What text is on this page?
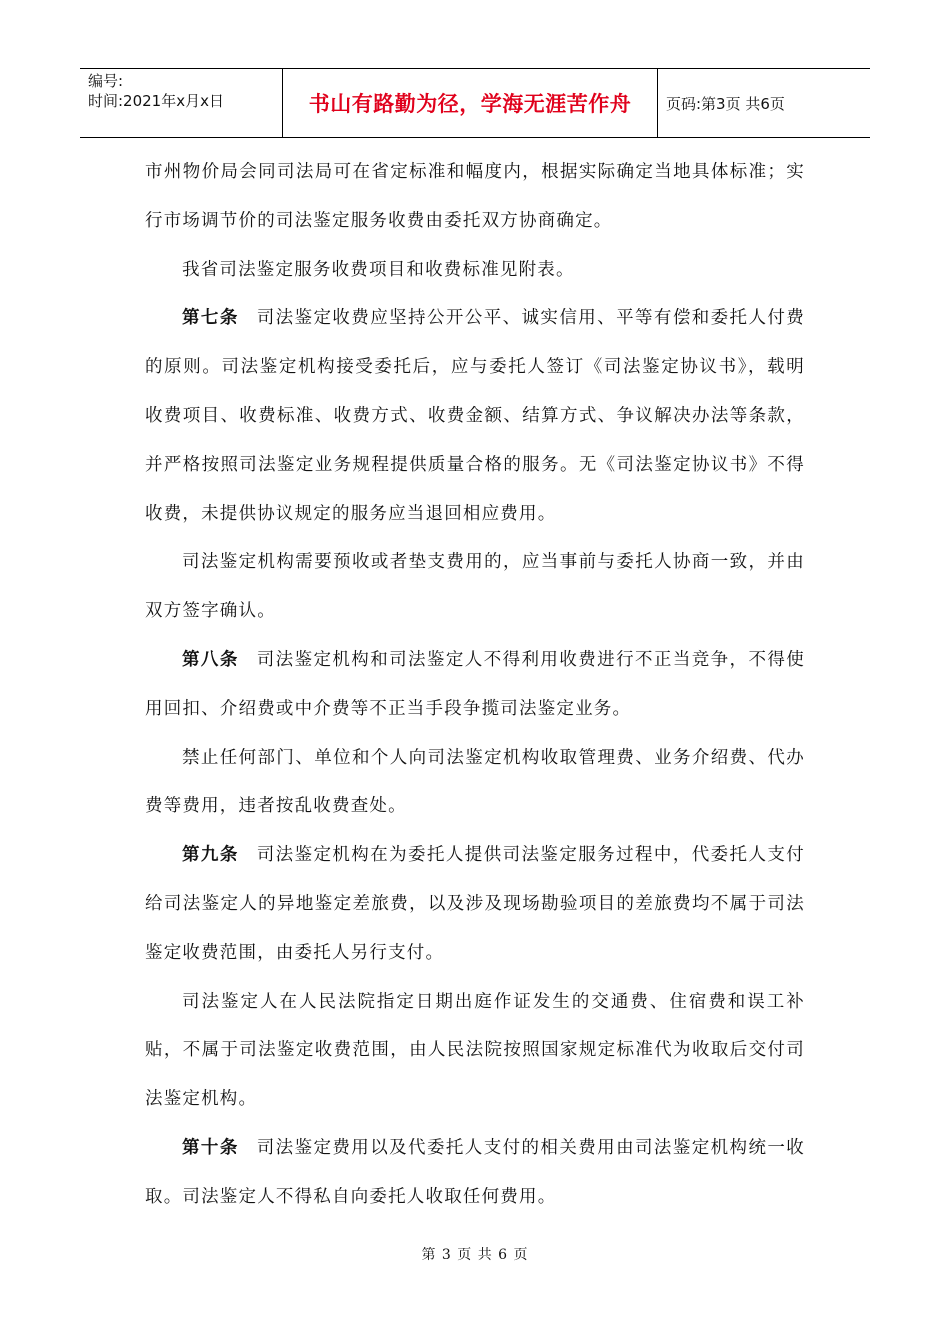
编号:
时间:2021年x月x日	书山有路勤为径，学海无涯苦作舟	页码:第3页 共6页

市州物价局会同司法局可在省定标准和幅度内，根据实际确定当地具体标准；实行市场调节价的司法鉴定服务收费由委托双方协商确定。

我省司法鉴定服务收费项目和收费标准见附表。

第七条 司法鉴定收费应坚持公开公平、诚实信用、平等有偿和委托人付费的原则。司法鉴定机构接受委托后，应与委托人签订《司法鉴定协议书》，载明收费项目、收费标准、收费方式、收费金额、结算方式、争议解决办法等条款，并严格按照司法鉴定业务规程提供质量合格的服务。无《司法鉴定协议书》不得收费，未提供协议规定的服务应当退回相应费用。

司法鉴定机构需要预收或者垫支费用的，应当事前与委托人协商一致，并由双方签字确认。

第八条 司法鉴定机构和司法鉴定人不得利用收费进行不正当竞争，不得使用回扣、介绍费或中介费等不正当手段争揽司法鉴定业务。

禁止任何部门、单位和个人向司法鉴定机构收取管理费、业务介绍费、代办费等费用，违者按乱收费查处。

第九条 司法鉴定机构在为委托人提供司法鉴定服务过程中，代委托人支付给司法鉴定人的异地鉴定差旅费，以及涉及现场勘验项目的差旅费均不属于司法鉴定收费范围，由委托人另行支付。

司法鉴定人在人民法院指定日期出庭作证发生的交通费、住宿费和误工补贴，不属于司法鉴定收费范围，由人民法院按照国家规定标准代为收取后交付司法鉴定机构。

第十条 司法鉴定费用以及代委托人支付的相关费用由司法鉴定机构统一收取。司法鉴定人不得私自向委托人收取任何费用。

第 3 页 共 6 页
